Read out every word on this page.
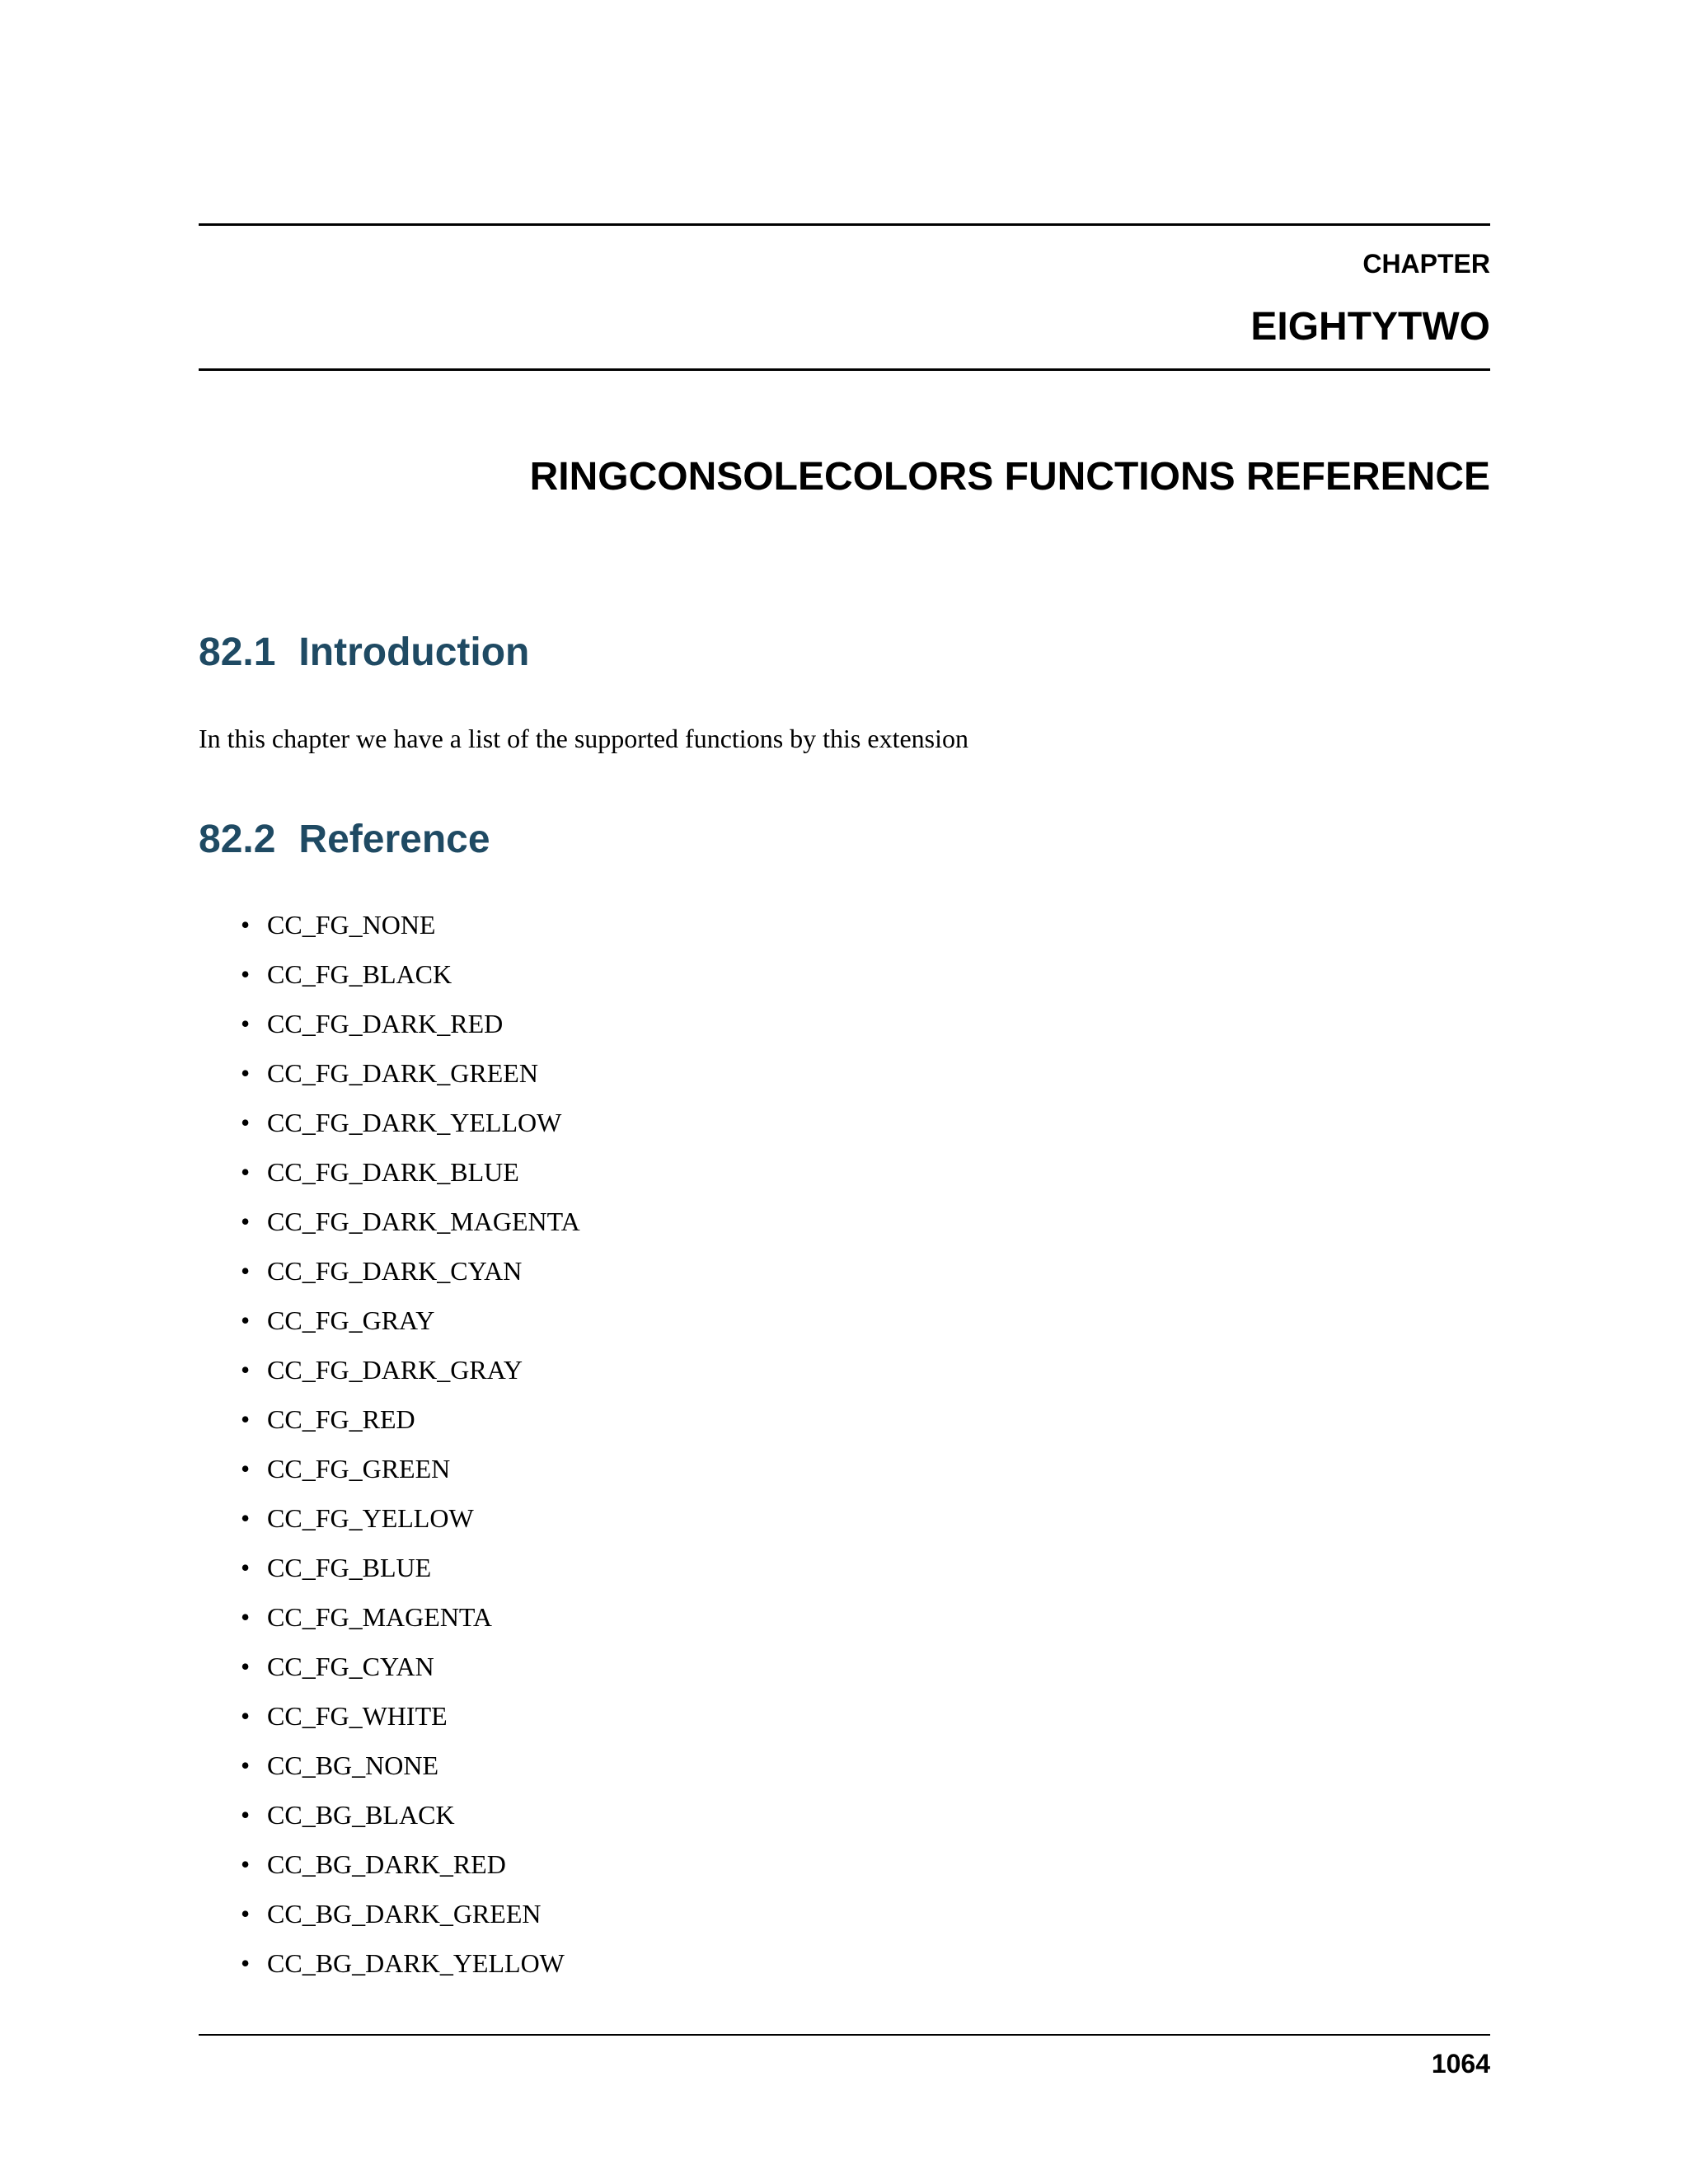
CHAPTER
EIGHTYTWO
RINGCONSOLECOLORS FUNCTIONS REFERENCE
82.1 Introduction

In this chapter we have a list of the supported functions by this extension

82.2 Reference
• CC_FG_NONE
• CC_FG_BLACK
• CC_FG_DARK_RED
• CC_FG_DARK_GREEN
• CC_FG_DARK_YELLOW
• CC_FG_DARK_BLUE
• CC_FG_DARK_MAGENTA
• CC_FG_DARK_CYAN
• CC_FG_GRAY
• CC_FG_DARK_GRAY
• CC_FG_RED
• CC_FG_GREEN
• CC_FG_YELLOW
• CC_FG_BLUE
• CC_FG_MAGENTA
• CC_FG_CYAN
• CC_FG_WHITE
• CC_BG_NONE
• CC_BG_BLACK
• CC_BG_DARK_RED
• CC_BG_DARK_GREEN
• CC_BG_DARK_YELLOW
1064
